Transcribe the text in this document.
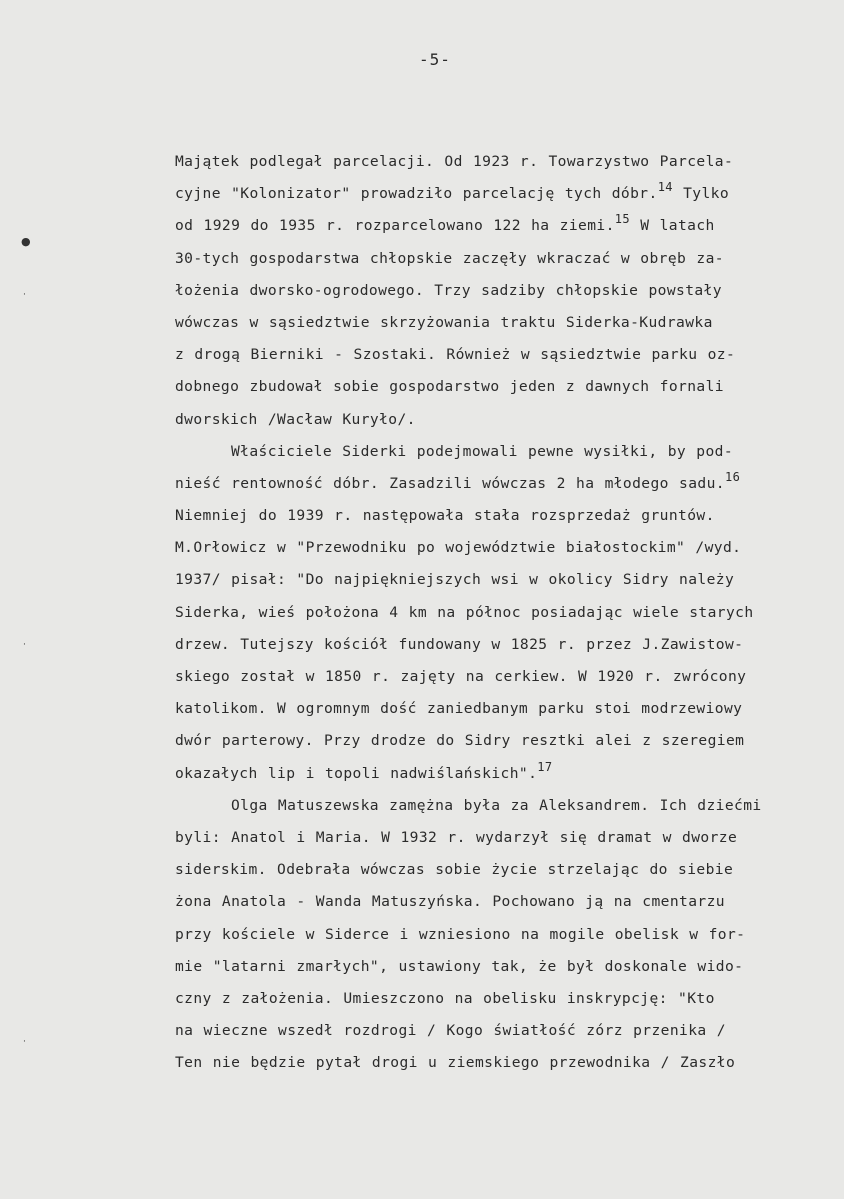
-5-
●
·
·
·
Majątek podlegał parcelacji. Od 1923 r. Towarzystwo Parcela-
cyjne "Kolonizator" prowadziło parcelację tych dóbr.$^{14}$ Tylko
od 1929 do 1935 r. rozparcelowano 122 ha ziemi.$^{15}$ W latach
30-tych gospodarstwa chłopskie zaczęły wkraczać w obręb za-
łożenia dworsko-ogrodowego. Trzy sadziby chłopskie powstały
wówczas w sąsiedztwie skrzyżowania traktu Siderka-Kudrawka
z drogą Bierniki - Szostaki. Również w sąsiedztwie parku oz-
dobnego zbudował sobie gospodarstwo jeden z dawnych fornali
dworskich /Wacław Kuryło/.
Właściciele Siderki podejmowali pewne wysiłki, by pod-
nieść rentowność dóbr. Zasadzili wówczas 2 ha młodego sadu.$^{16}$
Niemniej do 1939 r. następowała stała rozsprzedaż gruntów.
M.Orłowicz w "Przewodniku po województwie białostockim" /wyd.
1937/ pisał: "Do najpiękniejszych wsi w okolicy Sidry należy
Siderka, wieś położona 4 km na północ posiadając wiele starych
drzew. Tutejszy kościół fundowany w 1825 r. przez J.Zawistow-
skiego został w 1850 r. zajęty na cerkiew. W 1920 r. zwrócony
katolikom. W ogromnym dość zaniedbanym parku stoi modrzewiowy
dwór parterowy. Przy drodze do Sidry resztki alei z szeregiem
okazałych lip i topoli nadwiślańskich".$^{17}$
Olga Matuszewska zamężna była za Aleksandrem. Ich dziećmi
byli: Anatol i Maria. W 1932 r. wydarzył się dramat w dworze
siderskim. Odebrała wówczas sobie życie strzelając do siebie
żona Anatola - Wanda Matuszyńska. Pochowano ją na cmentarzu
przy kościele w Siderce i wzniesiono na mogile obelisk w for-
mie "latarni zmarłych", ustawiony tak, że był doskonale wido-
czny z założenia. Umieszczono na obelisku inskrypcję: "Kto
na wieczne wszedł rozdrogi / Kogo światłość zórz przenika /
Ten nie będzie pytał drogi u ziemskiego przewodnika / Zaszło
